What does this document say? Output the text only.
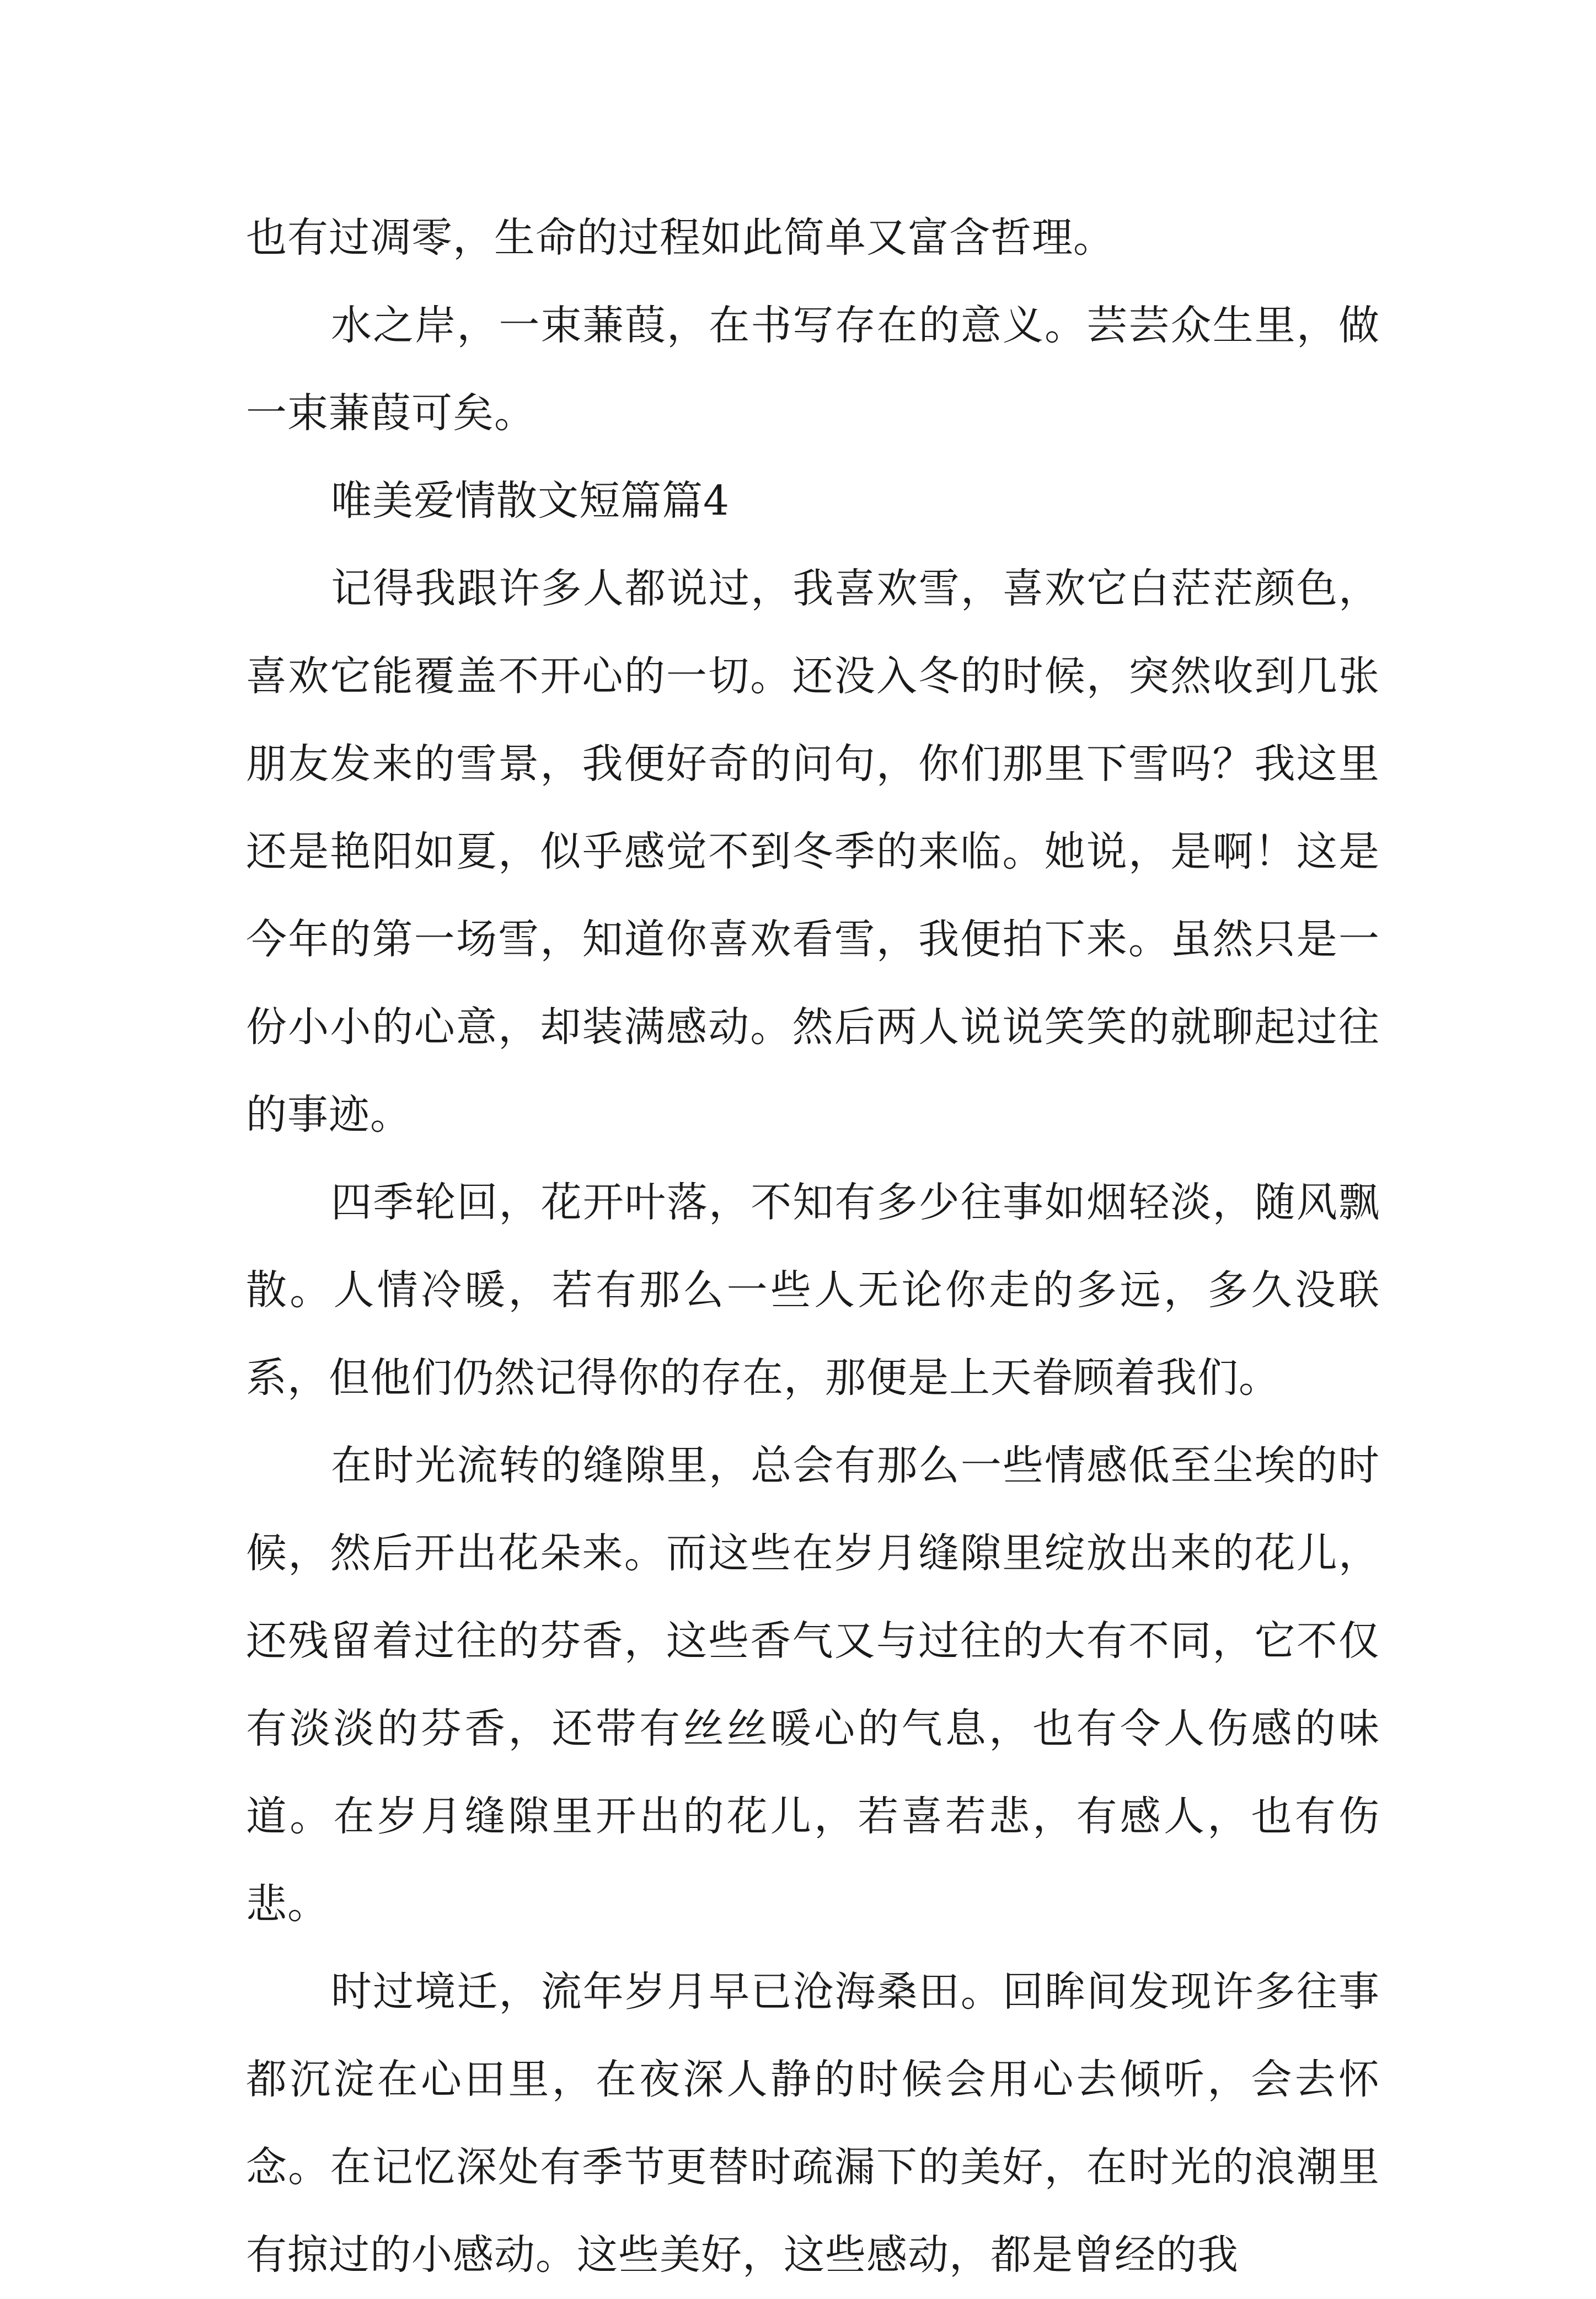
也有过凋零，生命的过程如此简单又富含哲理。

水之岸，一束蒹葭，在书写存在的意义。芸芸众生里，做一束蒹葭可矣。

唯美爱情散文短篇篇4

记得我跟许多人都说过，我喜欢雪，喜欢它白茫茫颜色，喜欢它能覆盖不开心的一切。还没入冬的时候，突然收到几张朋友发来的雪景，我便好奇的问句，你们那里下雪吗？我这里还是艳阳如夏，似乎感觉不到冬季的来临。她说，是啊！这是今年的第一场雪，知道你喜欢看雪，我便拍下来。虽然只是一份小小的心意，却装满感动。然后两人说说笑笑的就聊起过往的事迹。

四季轮回，花开叶落，不知有多少往事如烟轻淡，随风飘散。人情冷暖，若有那么一些人无论你走的多远，多久没联系，但他们仍然记得你的存在，那便是上天眷顾着我们。

在时光流转的缝隙里，总会有那么一些情感低至尘埃的时候，然后开出花朵来。而这些在岁月缝隙里绽放出来的花儿，还残留着过往的芬香，这些香气又与过往的大有不同，它不仅有淡淡的芬香，还带有丝丝暖心的气息，也有令人伤感的味道。在岁月缝隙里开出的花儿，若喜若悲，有感人，也有伤悲。

时过境迁，流年岁月早已沧海桑田。回眸间发现许多往事都沉淀在心田里，在夜深人静的时候会用心去倾听，会去怀念。在记忆深处有季节更替时疏漏下的美好，在时光的浪潮里有掠过的小感动。这些美好，这些感动，都是曾经的我
